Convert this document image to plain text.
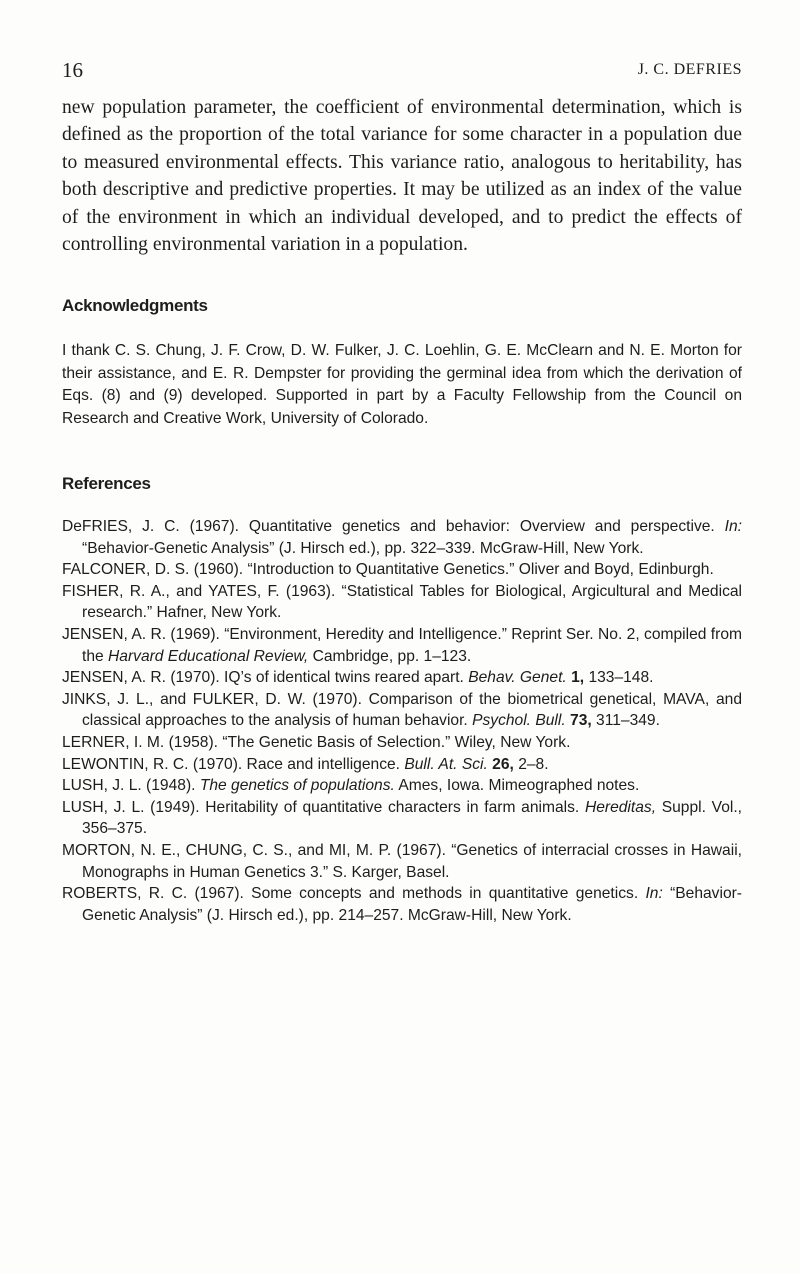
16	J. C. DEFRIES

new population parameter, the coefficient of environmental determination, which is defined as the proportion of the total variance for some character in a population due to measured environmental effects. This variance ratio, analogous to heritability, has both descriptive and predictive properties. It may be utilized as an index of the value of the environment in which an individual developed, and to predict the effects of controlling environmental variation in a population.

Acknowledgments

I thank C. S. Chung, J. F. Crow, D. W. Fulker, J. C. Loehlin, G. E. McClearn and N. E. Morton for their assistance, and E. R. Dempster for providing the germinal idea from which the derivation of Eqs. (8) and (9) developed. Supported in part by a Faculty Fellowship from the Council on Research and Creative Work, University of Colorado.

References
DeFRIES, J. C. (1967). Quantitative genetics and behavior: Overview and perspective. In: “Behavior-Genetic Analysis” (J. Hirsch ed.), pp. 322–339. McGraw-Hill, New York.
FALCONER, D. S. (1960). “Introduction to Quantitative Genetics.” Oliver and Boyd, Edinburgh.
FISHER, R. A., and YATES, F. (1963). “Statistical Tables for Biological, Argicultural and Medical research.” Hafner, New York.
JENSEN, A. R. (1969). “Environment, Heredity and Intelligence.” Reprint Ser. No. 2, compiled from the Harvard Educational Review, Cambridge, pp. 1–123.
JENSEN, A. R. (1970). IQ’s of identical twins reared apart. Behav. Genet. 1, 133–148.
JINKS, J. L., and FULKER, D. W. (1970). Comparison of the biometrical genetical, MAVA, and classical approaches to the analysis of human behavior. Psychol. Bull. 73, 311–349.
LERNER, I. M. (1958). “The Genetic Basis of Selection.” Wiley, New York.
LEWONTIN, R. C. (1970). Race and intelligence. Bull. At. Sci. 26, 2–8.
LUSH, J. L. (1948). The genetics of populations. Ames, Iowa. Mimeographed notes.
LUSH, J. L. (1949). Heritability of quantitative characters in farm animals. Hereditas, Suppl. Vol., 356–375.
MORTON, N. E., CHUNG, C. S., and MI, M. P. (1967). “Genetics of interracial crosses in Hawaii, Monographs in Human Genetics 3.” S. Karger, Basel.
ROBERTS, R. C. (1967). Some concepts and methods in quantitative genetics. In: “Behavior-Genetic Analysis” (J. Hirsch ed.), pp. 214–257. McGraw-Hill, New York.
